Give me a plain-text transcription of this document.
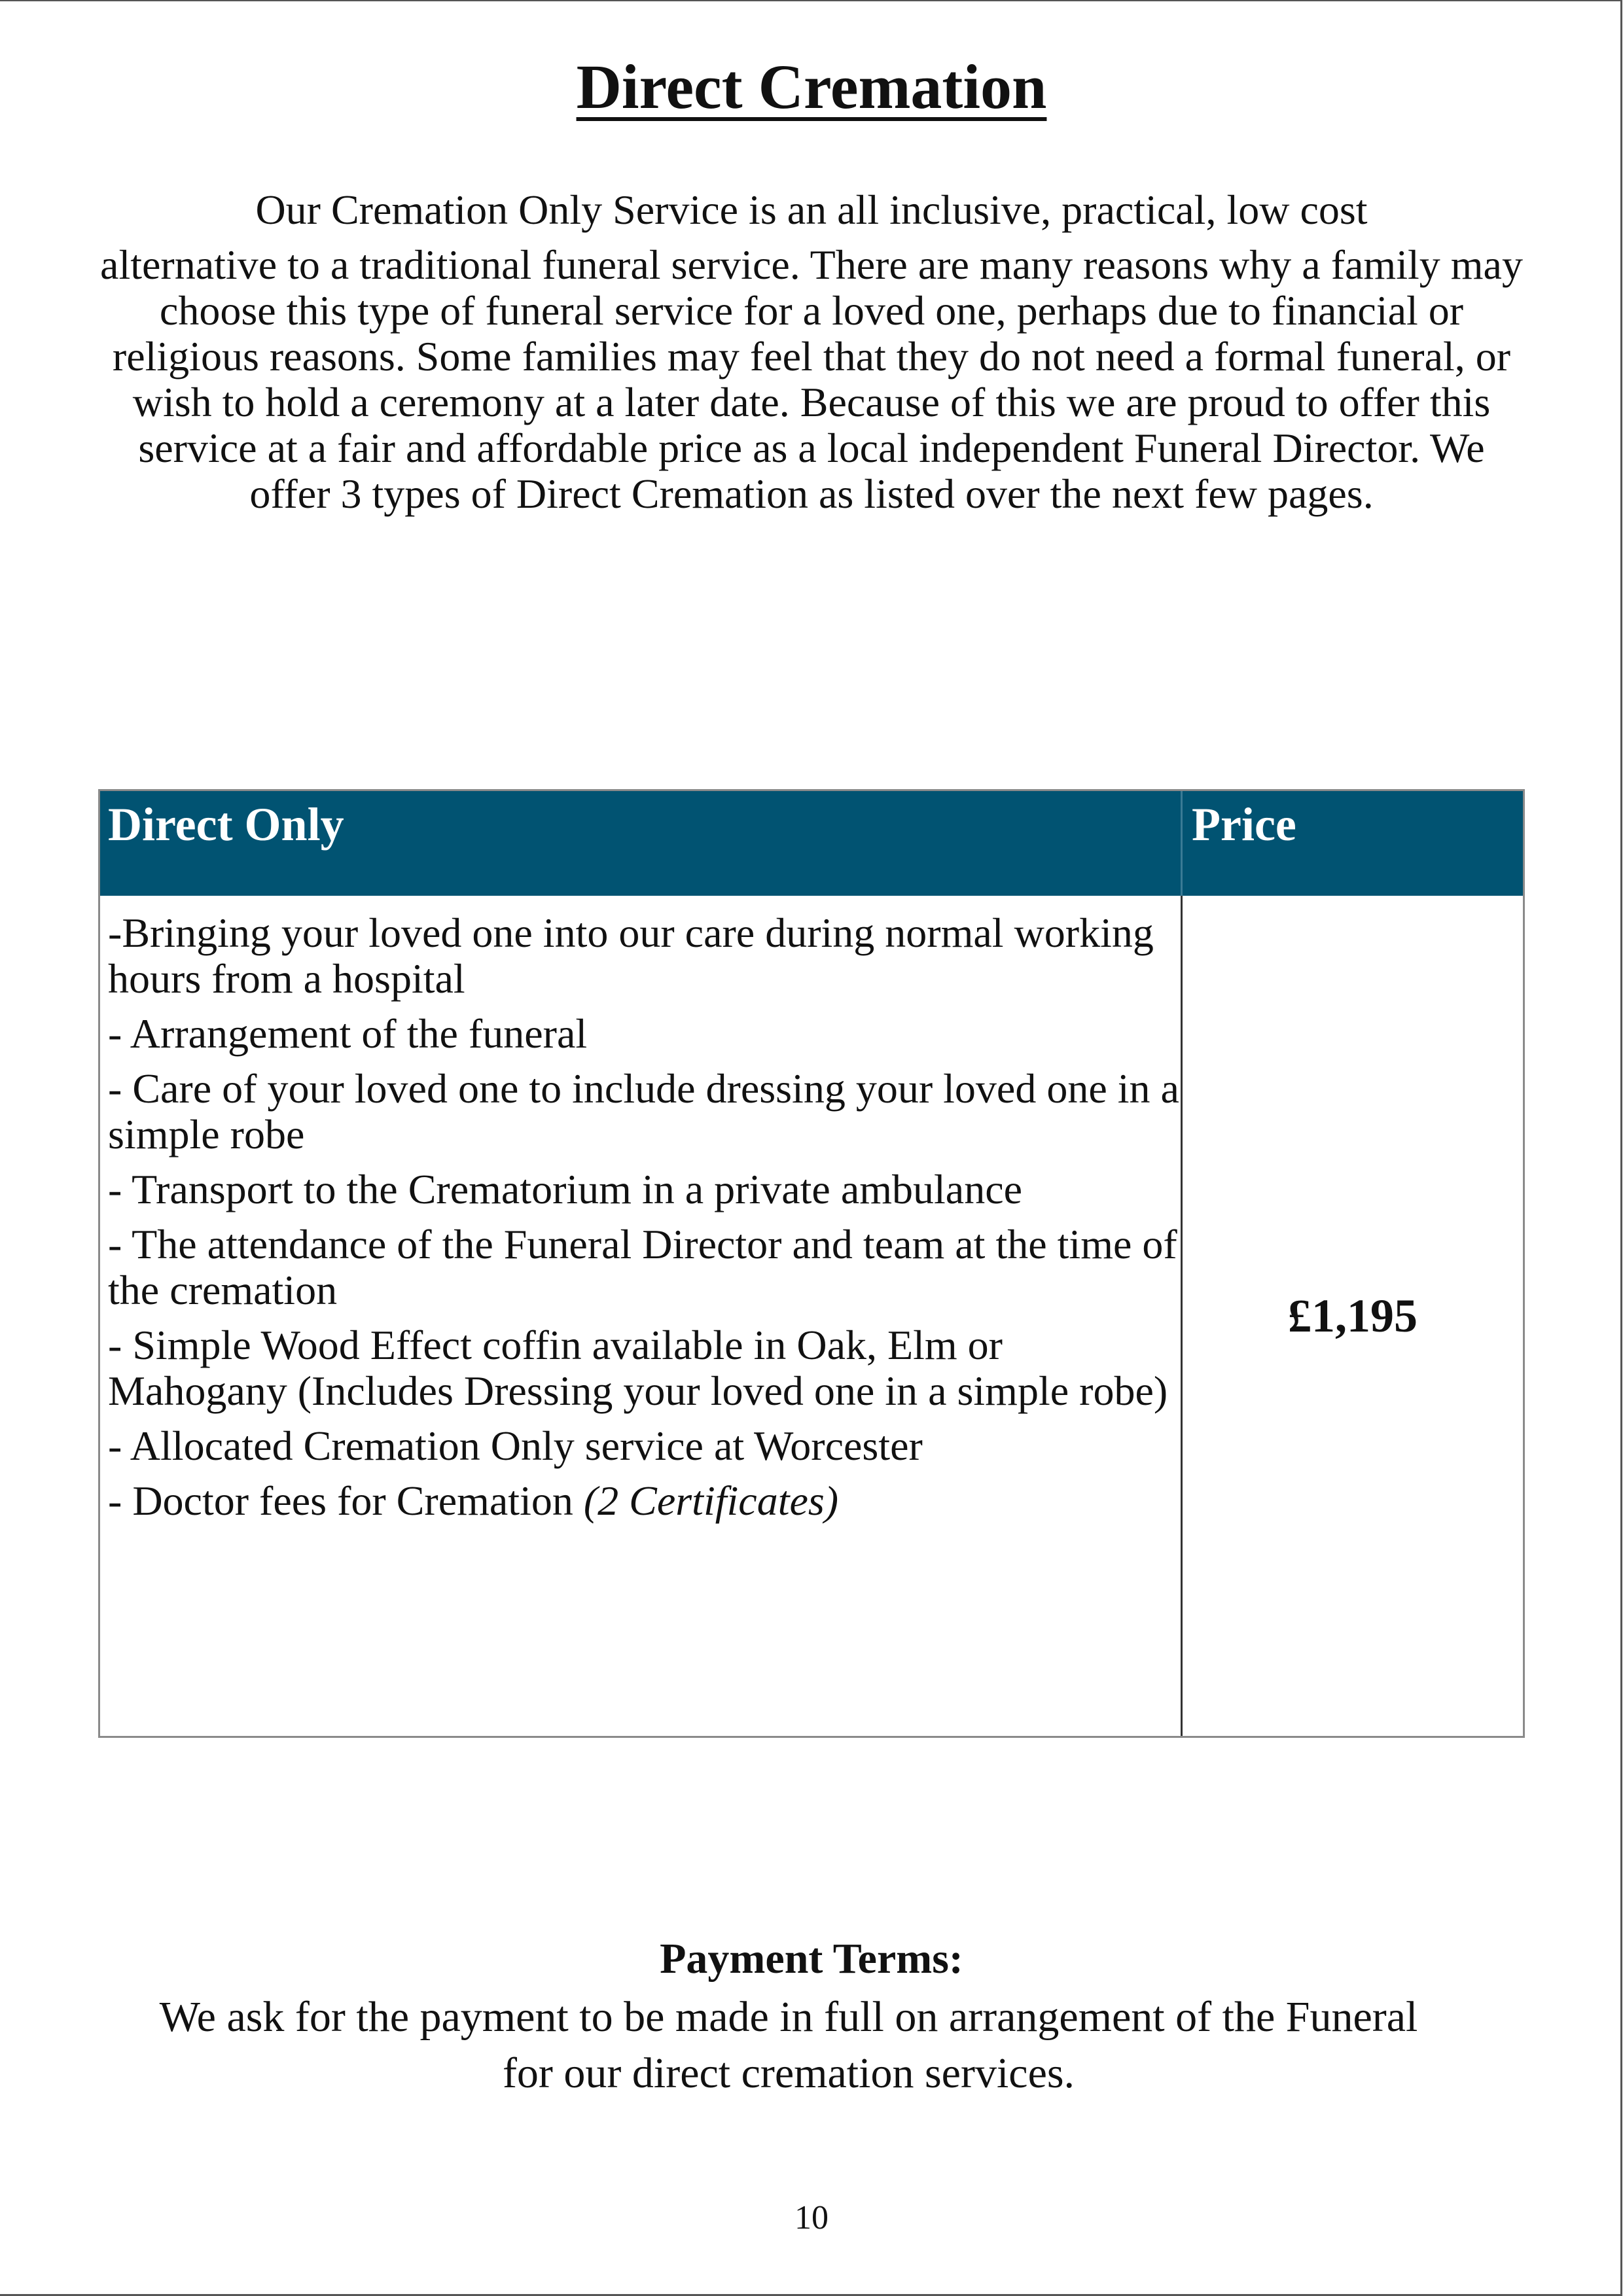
Direct Cremation

Our Cremation Only Service is an all inclusive, practical, low cost

alternative to a traditional funeral service. There are many reasons why a family may choose this type of funeral service for a loved one, perhaps due to financial or religious reasons. Some families may feel that they do not need a formal funeral, or wish to hold a ceremony at a later date. Because of this we are proud to offer this service at a fair and affordable price as a local independent Funeral Director. We offer 3 types of Direct Cremation as listed over the next few pages.

Direct Only	Price
-Bringing your loved one into our care during normal working hours from a hospital
- Arrangement of the funeral
- Care of your loved one to include dressing your loved one in a simple robe
- Transport to the Crematorium in a private ambulance
- The attendance of the Funeral Director and team at the time of the cremation
- Simple Wood Effect coffin available in Oak, Elm or Mahogany (Includes Dressing your loved one in a simple robe)
- Allocated Cremation Only service at Worcester
- Doctor fees for Cremation (2 Certificates)
£1,195
Payment Terms:
We ask for the payment to be made in full on arrangement of the Funeral for our direct cremation services.
10
